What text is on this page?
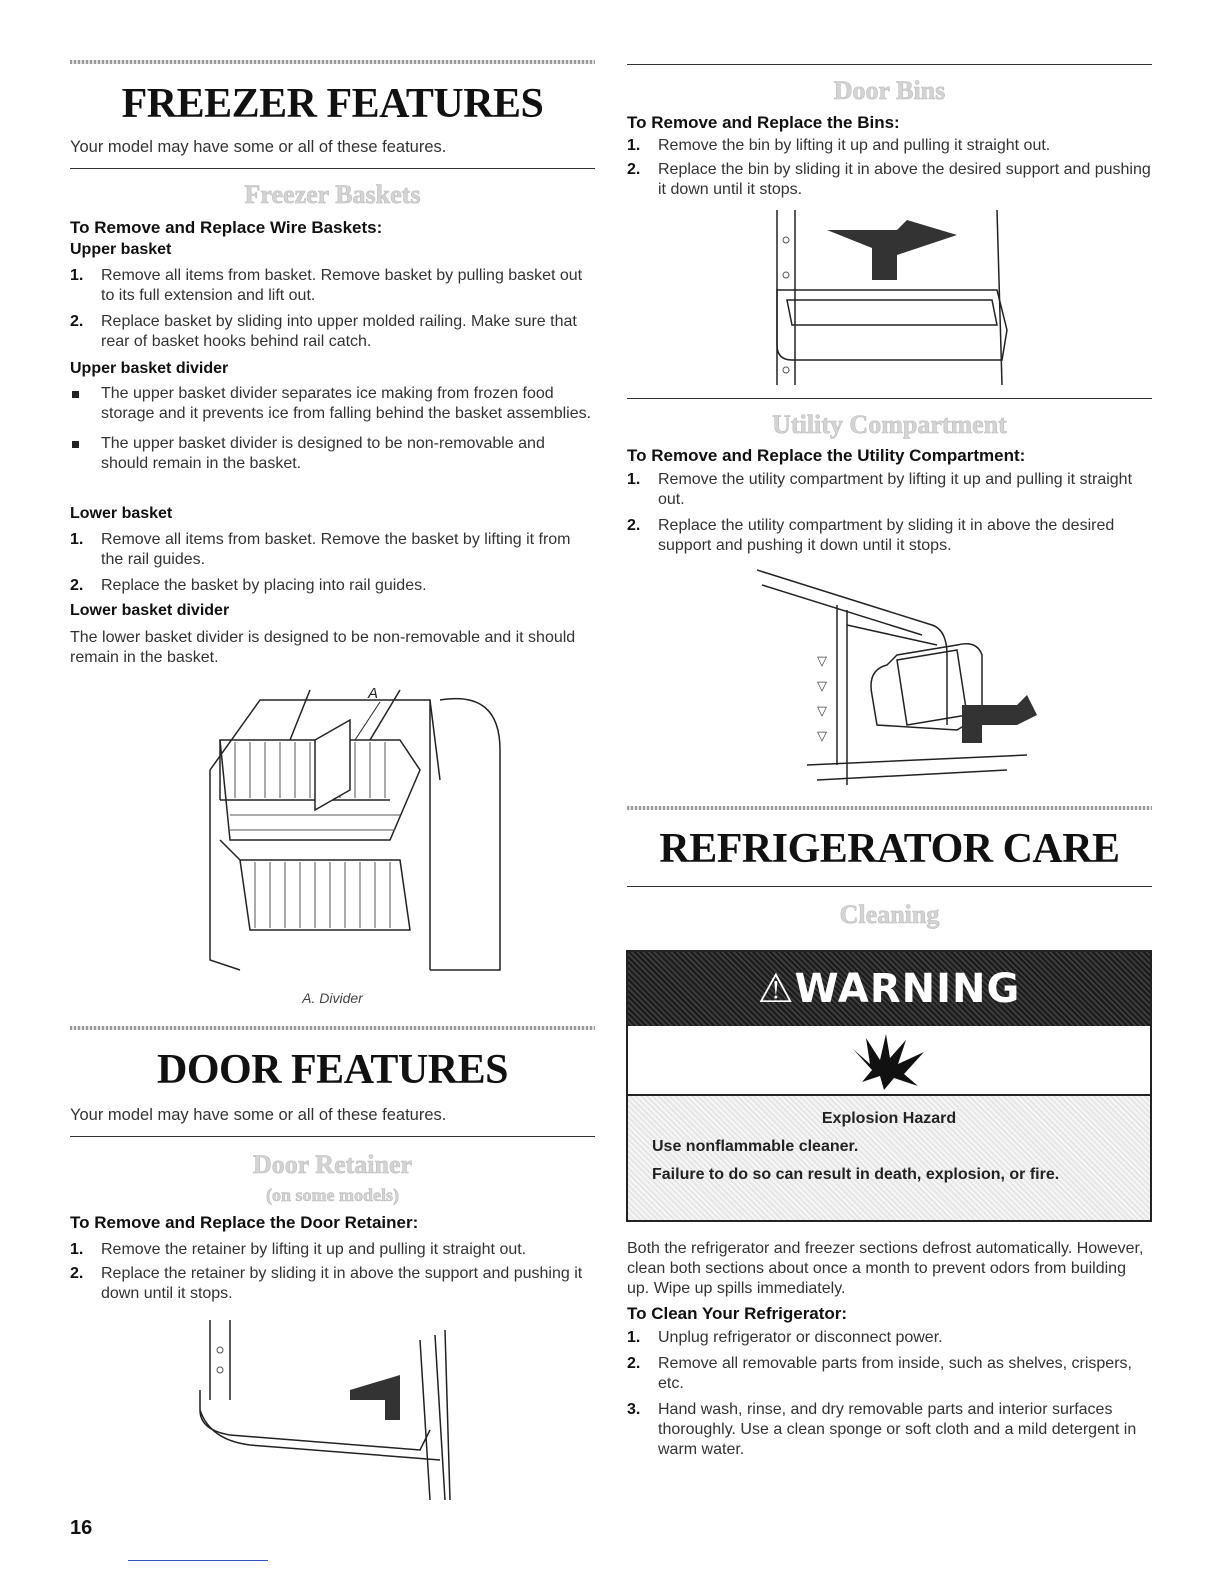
FREEZER FEATURES

Your model may have some or all of these features.

Freezer Baskets

To Remove and Replace Wire Baskets:

Upper basket

1.	Remove all items from basket. Remove basket by pulling basket out to its full extension and lift out.
2.	Replace basket by sliding into upper molded railing. Make sure that rear of basket hooks behind rail catch.

Upper basket divider

The upper basket divider separates ice making from frozen food storage and it prevents ice from falling behind the basket assemblies.
The upper basket divider is designed to be non-removable and should remain in the basket.

Lower basket

1.	Remove all items from basket. Remove the basket by lifting it from the rail guides.
2.	Replace the basket by placing into rail guides.

Lower basket divider

The lower basket divider is designed to be non-removable and it should remain in the basket.

A

A. Divider

DOOR FEATURES

Your model may have some or all of these features.

Door Retainer
(on some models)

To Remove and Replace the Door Retainer:

1.	Remove the retainer by lifting it up and pulling it straight out.
2.	Replace the retainer by sliding it in above the support and pushing it down until it stops.

16

Door Bins

To Remove and Replace the Bins:

1.	Remove the bin by lifting it up and pulling it straight out.
2.	Replace the bin by sliding it in above the desired support and pushing it down until it stops.
Utility Compartment

To Remove and Replace the Utility Compartment:

1.	Remove the utility compartment by lifting it up and pulling it straight out.
2.	Replace the utility compartment by sliding it in above the desired support and pushing it down until it stops.
▽
▽
▽
▽
REFRIGERATOR CARE
Cleaning

Both the refrigerator and freezer sections defrost automatically. However, clean both sections about once a month to prevent odors from building up. Wipe up spills immediately.

To Clean Your Refrigerator:

1.	Unplug refrigerator or disconnect power.
2.	Remove all removable parts from inside, such as shelves, crispers, etc.
3.	Hand wash, rinse, and dry removable parts and interior surfaces thoroughly. Use a clean sponge or soft cloth and a mild detergent in warm water.
⚠WARNING
Explosion Hazard
Use nonflammable cleaner.
Failure to do so can result in death, explosion, or fire.
